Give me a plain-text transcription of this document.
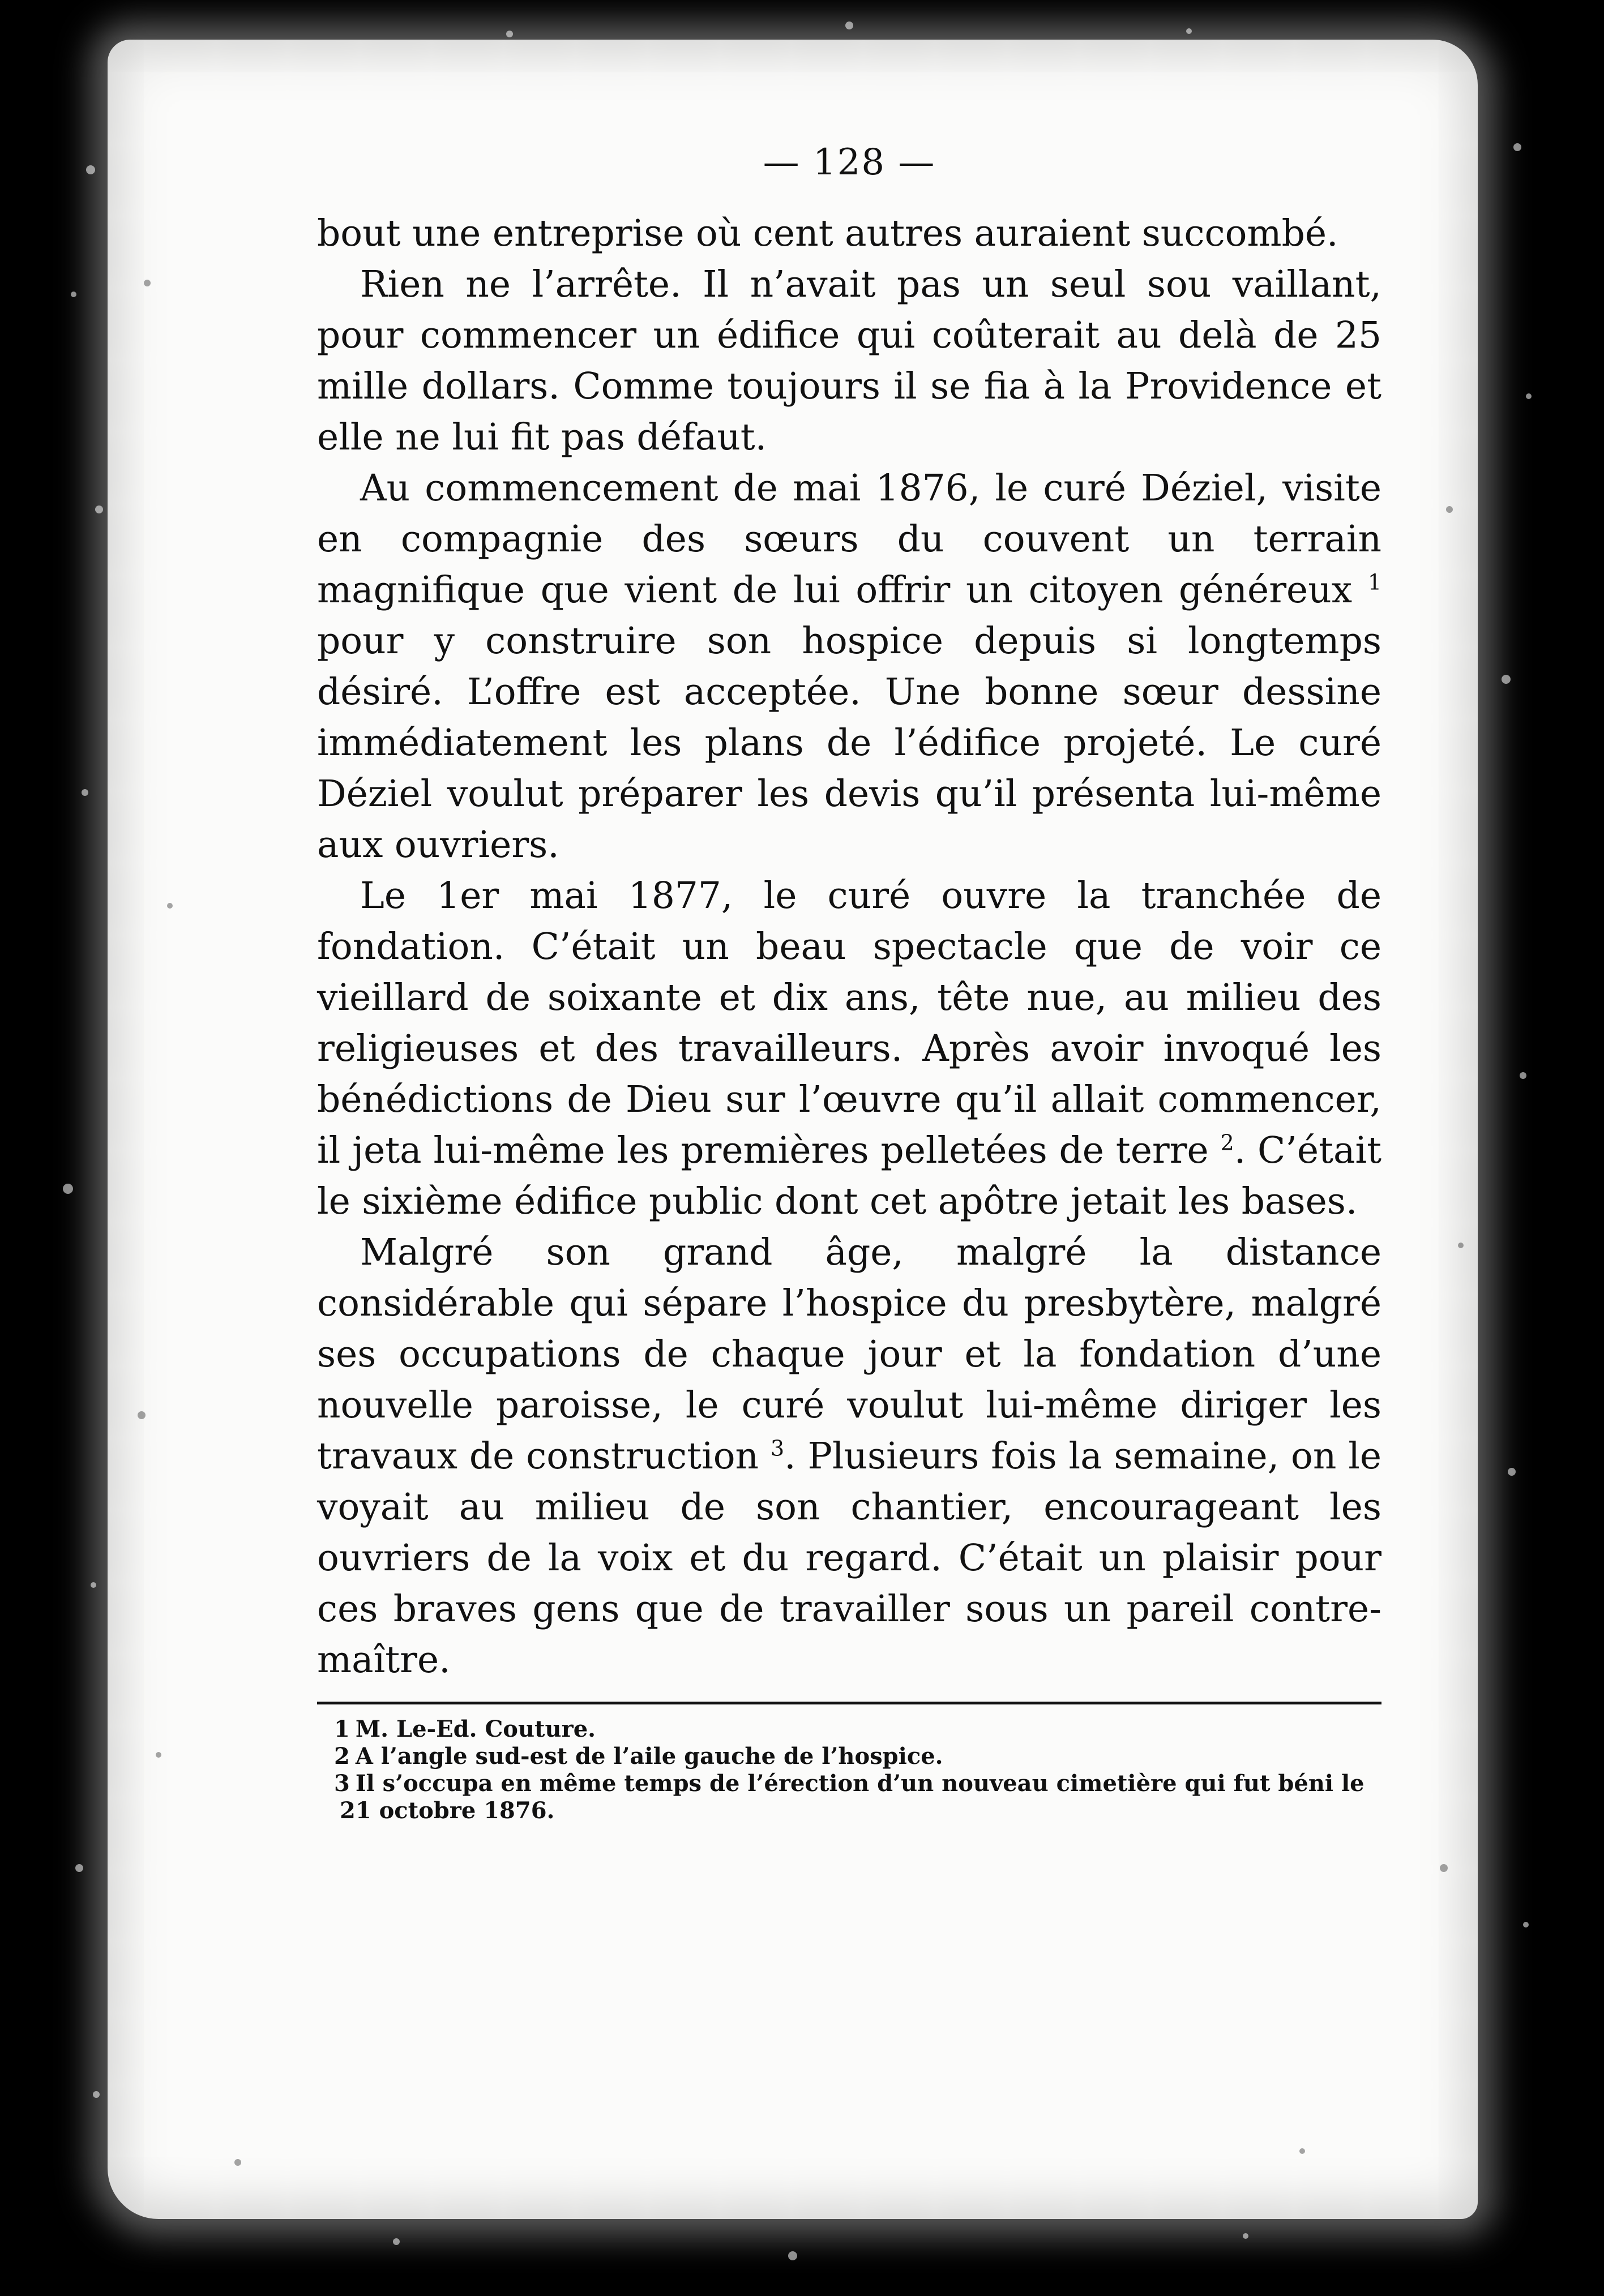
— 128 —

bout une entreprise où cent autres auraient succombé.

Rien ne l’arrête. Il n’avait pas un seul sou vaillant, pour commencer un édifice qui coûterait au delà de 25 mille dollars. Comme toujours il se fia à la Providence et elle ne lui fit pas défaut.

Au commencement de mai 1876, le curé Déziel, visite en compagnie des sœurs du couvent un terrain magnifique que vient de lui offrir un citoyen généreux $^1$ pour y construire son hospice depuis si longtemps désiré. L’offre est acceptée. Une bonne sœur dessine immédiatement les plans de l’édifice projeté. Le curé Déziel voulut préparer les devis qu’il présenta lui-même aux ouvriers.

Le 1er mai 1877, le curé ouvre la tranchée de fondation. C’était un beau spectacle que de voir ce vieillard de soixante et dix ans, tête nue, au milieu des religieuses et des travailleurs. Après avoir invoqué les bénédictions de Dieu sur l’œuvre qu’il allait commencer, il jeta lui-même les premières pelletées de terre $^2$. C’était le sixième édifice public dont cet apôtre jetait les bases.

Malgré son grand âge, malgré la distance considérable qui sépare l’hospice du presbytère, malgré ses occupations de chaque jour et la fondation d’une nouvelle paroisse, le curé voulut lui-même diriger les travaux de construction $^3$. Plusieurs fois la semaine, on le voyait au milieu de son chantier, encourageant les ouvriers de la voix et du regard. C’était un plaisir pour ces braves gens que de travailler sous un pareil contre-maître.

1 M. Le-Ed. Couture.
2 A l’angle sud-est de l’aile gauche de l’hospice.
3 Il s’occupa en même temps de l’érection d’un nouveau cimetière qui fut béni le 21 octobre 1876.
